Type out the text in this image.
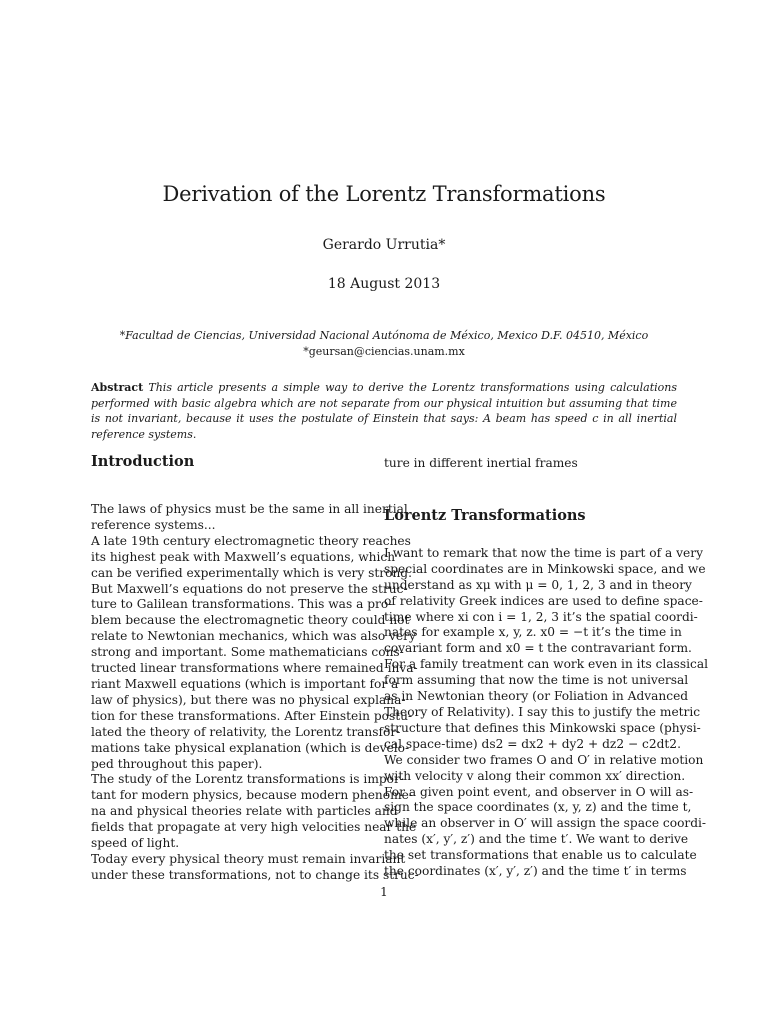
Derivation of the Lorentz Transformations
Gerardo Urrutia*
18 August 2013
*Facultad de Ciencias, Universidad Nacional Autónoma de México, Mexico D.F. 04510, México
*geursan@ciencias.unam.mx
Abstract This article presents a simple way to derive the Lorentz transformations using calculations performed with basic algebra which are not separate from our physical intuition but assuming that time is not invariant, because it uses the postulate of Einstein that says: A beam has speed c in all inertial reference systems.
Introduction
The laws of physics must be the same in all inertial
reference systems...
A late 19th century electromagnetic theory reaches
its highest peak with Maxwell’s equations, which
can be verified experimentally which is very strong.
But Maxwell’s equations do not preserve the struc-
ture to Galilean transformations. This was a pro-
blem because the electromagnetic theory could not
relate to Newtonian mechanics, which was also very
strong and important. Some mathematicians cons-
tructed linear transformations where remained inva-
riant Maxwell equations (which is important for a
law of physics), but there was no physical explana-
tion for these transformations. After Einstein postu-
lated the theory of relativity, the Lorentz transfor-
mations take physical explanation (which is develo-
ped throughout this paper).
The study of the Lorentz transformations is impor-
tant for modern physics, because modern phenome-
na and physical theories relate with particles and
fields that propagate at very high velocities near the
speed of light.
Today every physical theory must remain invariant
under these transformations, not to change its struc-
ture in different inertial frames
Lorentz Transformations
I want to remark that now the time is part of a very
special coordinates are in Minkowski space, and we
understand as xμ with μ = 0, 1, 2, 3 and in theory
of relativity Greek indices are used to define space-
time where xi con i = 1, 2, 3 it’s the spatial coordi-
nates for example x, y, z. x0 = −t it’s the time in
covariant form and x0 = t the contravariant form.
For a family treatment can work even in its classical
form assuming that now the time is not universal
as in Newtonian theory (or Foliation in Advanced
Theory of Relativity). I say this to justify the metric
structure that defines this Minkowski space (physi-
cal space-time) ds2 = dx2 + dy2 + dz2 − c2dt2.
We consider two frames O and O′ in relative motion
with velocity v along their common xx′ direction.
For a given point event, and observer in O will as-
sign the space coordinates (x, y, z) and the time t,
while an observer in O′ will assign the space coordi-
nates (x′, y′, z′) and the time t′. We want to derive
the set transformations that enable us to calculate
the coordinates (x′, y′, z′) and the time t′ in terms
1
